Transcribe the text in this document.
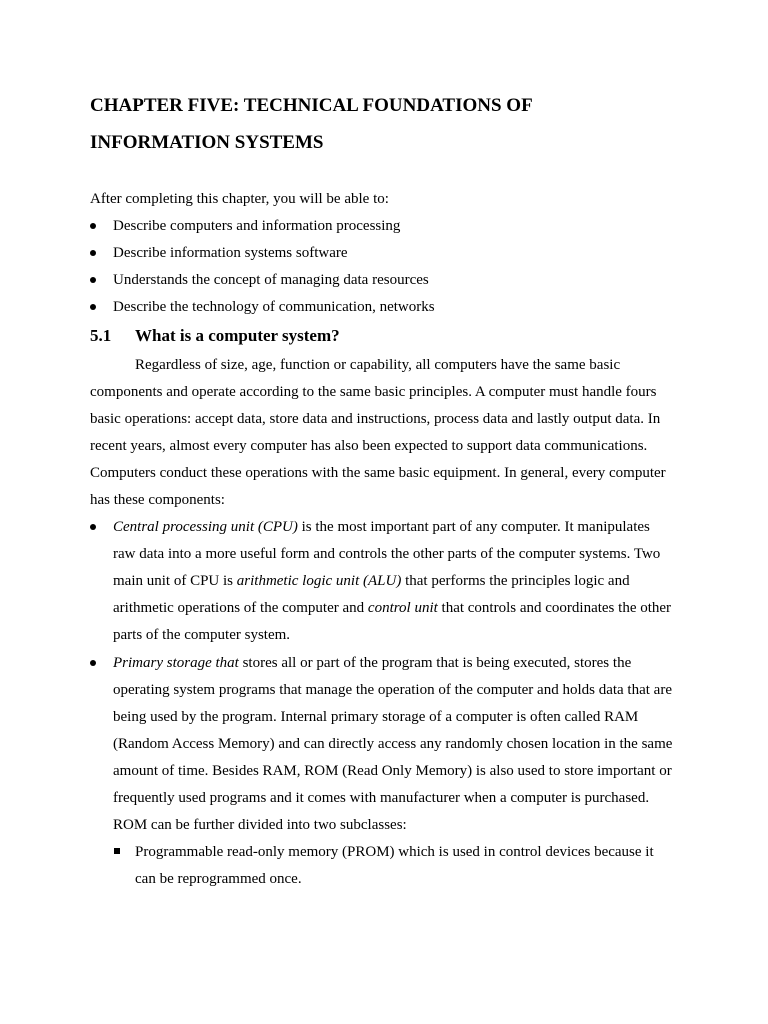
CHAPTER FIVE: TECHNICAL FOUNDATIONS OF
INFORMATION SYSTEMS
After completing this chapter, you will be able to:
Describe computers and information processing
Describe information systems software
Understands the concept of managing data resources
Describe the technology of communication, networks
5.1 What is a computer system?
Regardless of size, age, function or capability, all computers have the same basic
components and operate according to the same basic principles. A computer must handle fours
basic operations: accept data, store data and instructions, process data and lastly output data. In
recent years, almost every computer has also been expected to support data communications.
Computers conduct these operations with the same basic equipment. In general, every computer
has these components:
Central processing unit (CPU) is the most important part of any computer. It manipulates
raw data into a more useful form and controls the other parts of the computer systems. Two
main unit of CPU is arithmetic logic unit (ALU) that performs the principles logic and
arithmetic operations of the computer and control unit that controls and coordinates the other
parts of the computer system.
Primary storage that stores all or part of the program that is being executed, stores the
operating system programs that manage the operation of the computer and holds data that are
being used by the program. Internal primary storage of a computer is often called RAM
(Random Access Memory) and can directly access any randomly chosen location in the same
amount of time. Besides RAM, ROM (Read Only Memory) is also used to store important or
frequently used programs and it comes with manufacturer when a computer is purchased.
ROM can be further divided into two subclasses:
Programmable read-only memory (PROM) which is used in control devices because it
can be reprogrammed once.
